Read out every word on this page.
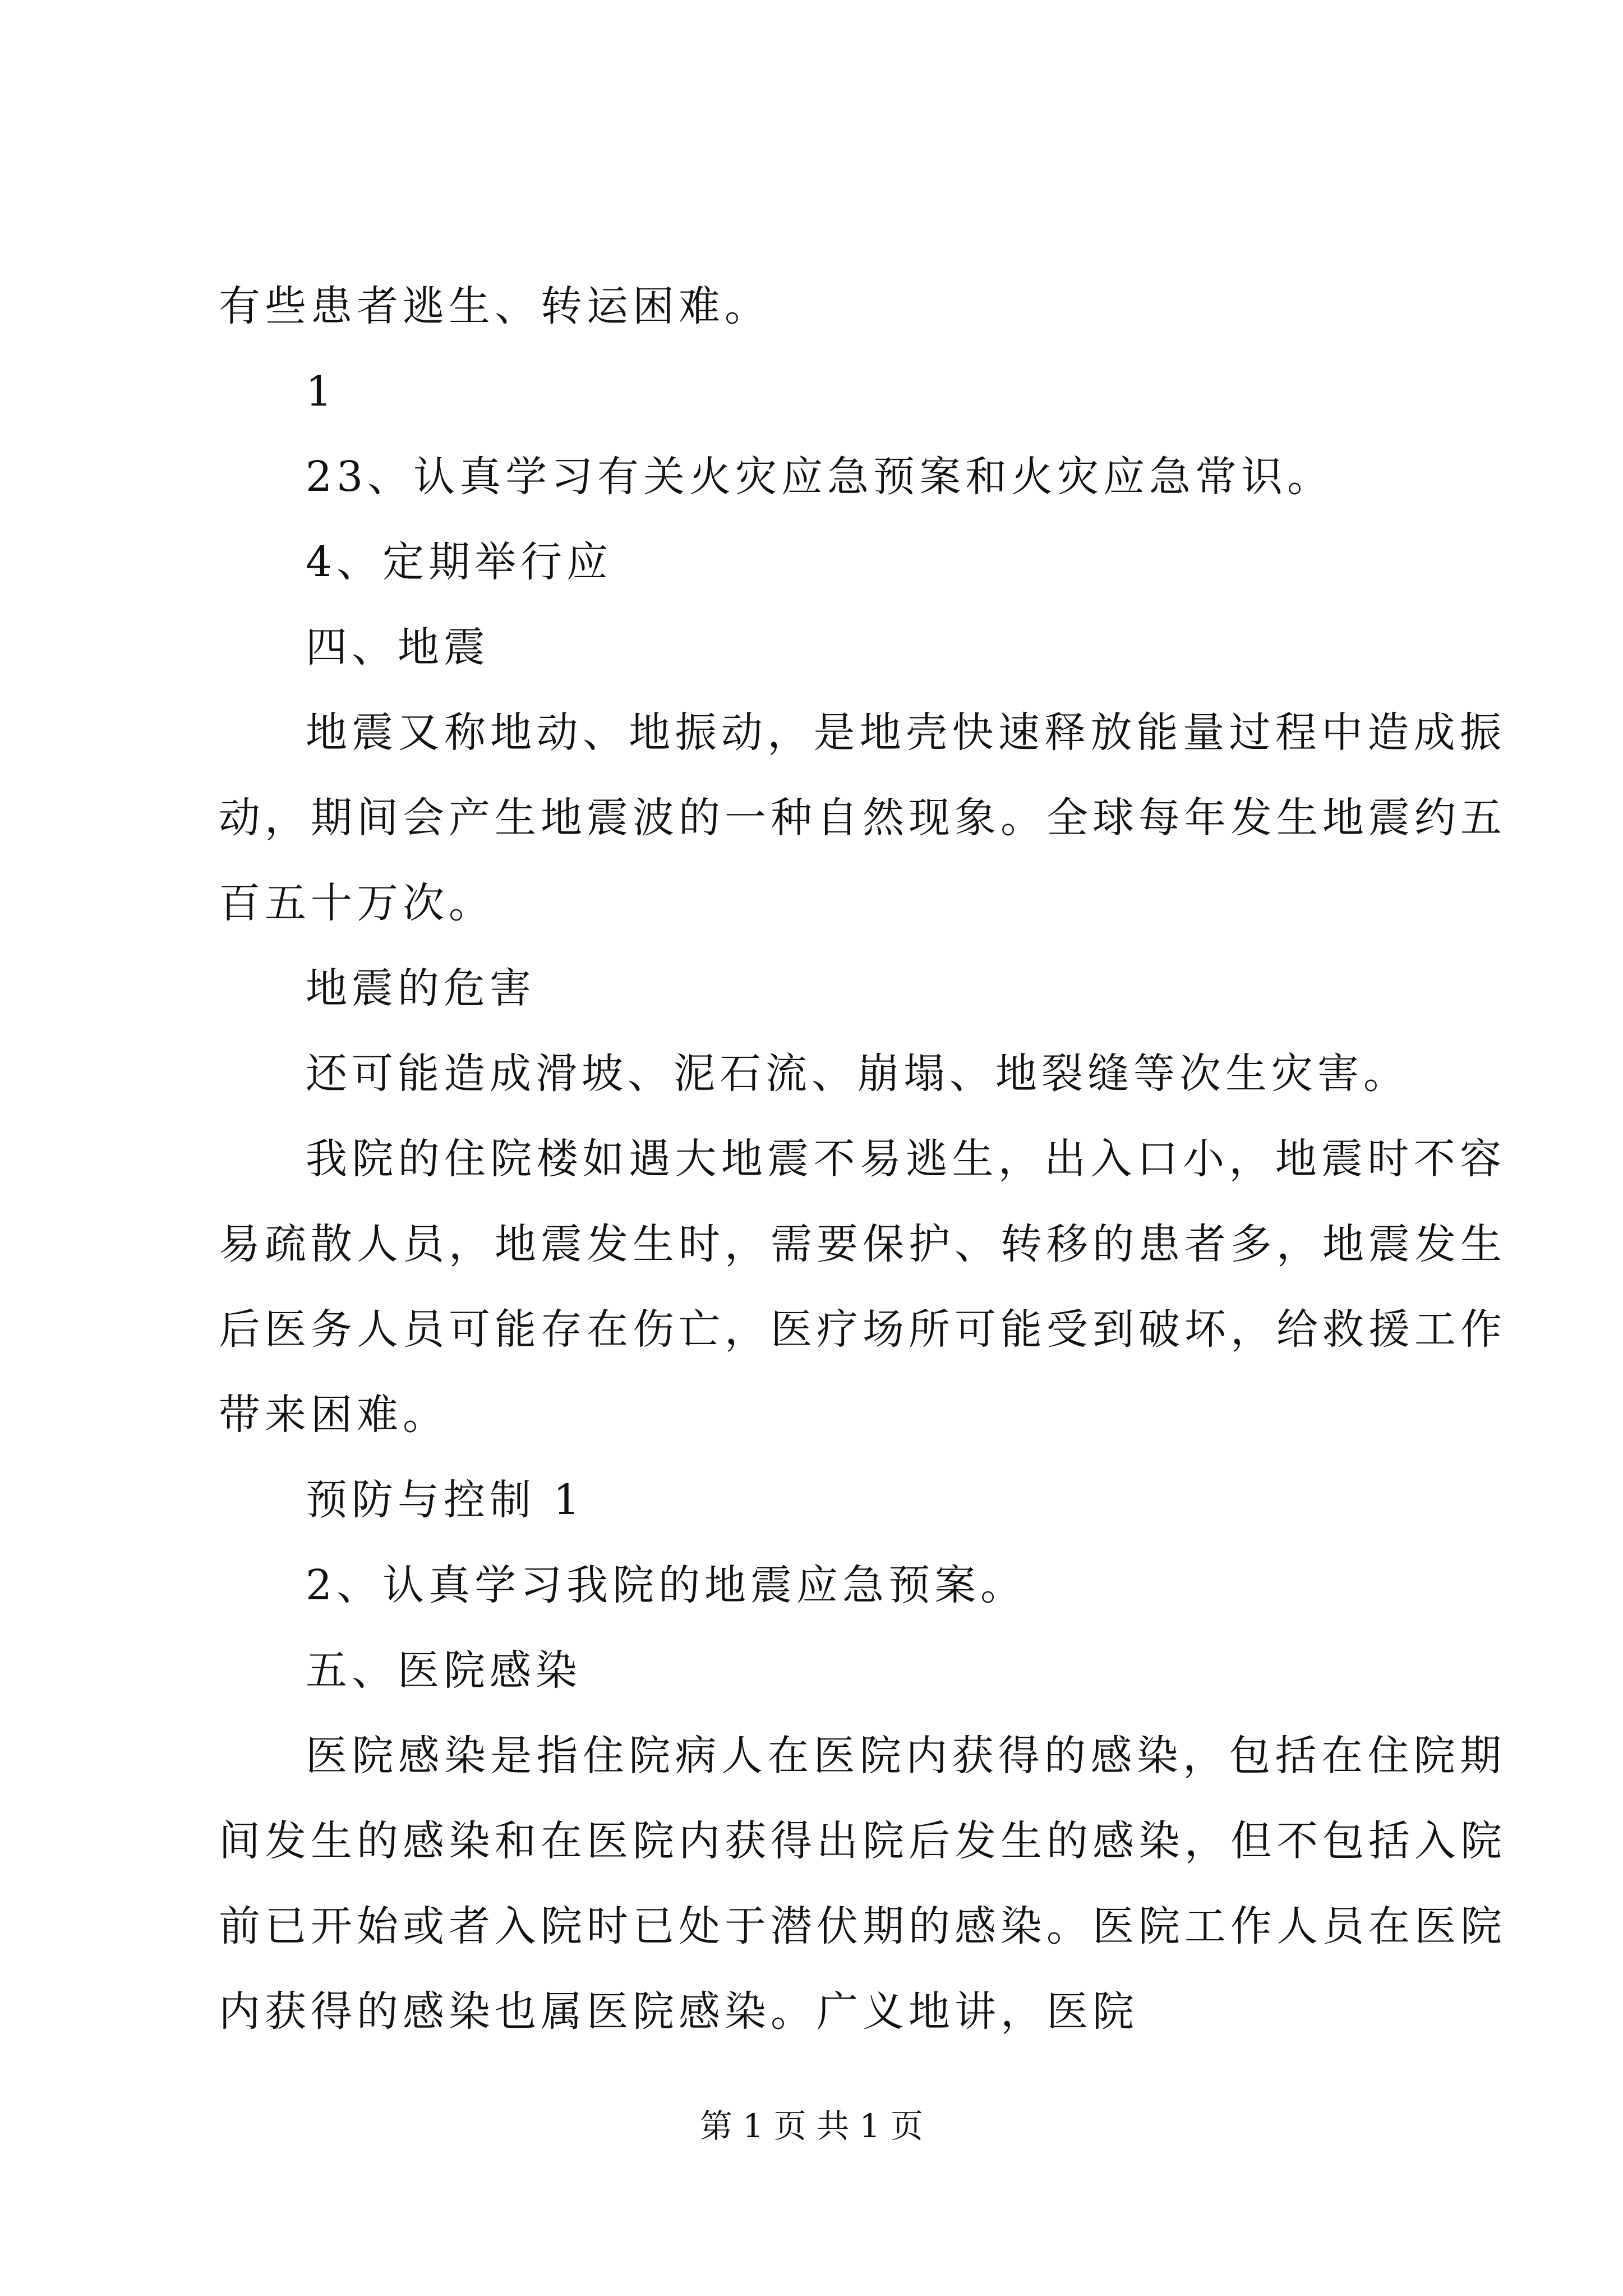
有些患者逃生、转运困难。
1
23、认真学习有关火灾应急预案和火灾应急常识。
4、定期举行应
四、地震
地震又称地动、地振动，是地壳快速释放能量过程中造成振
动，期间会产生地震波的一种自然现象。全球每年发生地震约五
百五十万次。
地震的危害
还可能造成滑坡、泥石流、崩塌、地裂缝等次生灾害。
我院的住院楼如遇大地震不易逃生，出入口小，地震时不容
易疏散人员，地震发生时，需要保护、转移的患者多，地震发生
后医务人员可能存在伤亡，医疗场所可能受到破坏，给救援工作
带来困难。
预防与控制 1
2、认真学习我院的地震应急预案。
五、医院感染
医院感染是指住院病人在医院内获得的感染，包括在住院期
间发生的感染和在医院内获得出院后发生的感染，但不包括入院
前已开始或者入院时已处于潜伏期的感染。医院工作人员在医院
内获得的感染也属医院感染。广义地讲，医院
第 1 页 共 1 页
